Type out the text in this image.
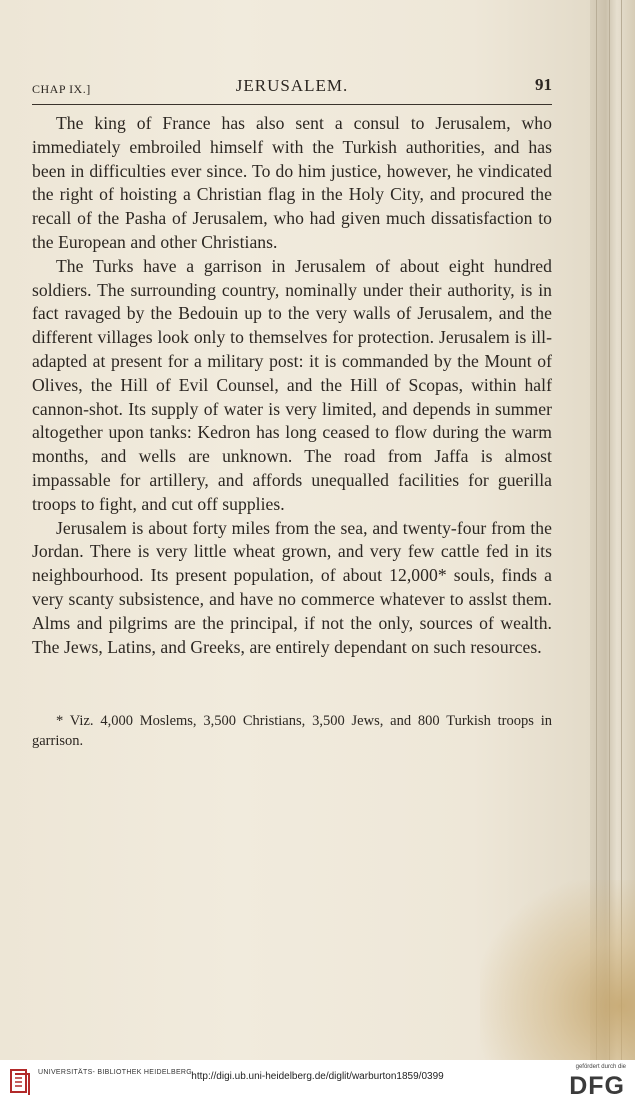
CHAP IX.]	JERUSALEM.	91

The king of France has also sent a consul to Jerusalem, who immediately embroiled himself with the Turkish authorities, and has been in difficulties ever since. To do him justice, however, he vindicated the right of hoisting a Christian flag in the Holy City, and procured the recall of the Pasha of Jerusalem, who had given much dissatisfaction to the European and other Christians.

The Turks have a garrison in Jerusalem of about eight hundred soldiers. The surrounding country, nominally under their authority, is in fact ravaged by the Bedouin up to the very walls of Jerusalem, and the different villages look only to themselves for protection. Jerusalem is ill-adapted at present for a military post: it is commanded by the Mount of Olives, the Hill of Evil Counsel, and the Hill of Scopas, within half cannon-shot. Its supply of water is very limited, and depends in summer altogether upon tanks: Kedron has long ceased to flow during the warm months, and wells are unknown. The road from Jaffa is almost impassable for artillery, and affords unequalled facilities for guerilla troops to fight, and cut off supplies.

Jerusalem is about forty miles from the sea, and twenty-four from the Jordan. There is very little wheat grown, and very few cattle fed in its neighbourhood. Its present population, of about 12,000* souls, finds a very scanty subsistence, and have no commerce whatever to asslst them. Alms and pilgrims are the principal, if not the only, sources of wealth. The Jews, Latins, and Greeks, are entirely dependant on such resources.

* Viz. 4,000 Moslems, 3,500 Christians, 3,500 Jews, and 800 Turkish troops in garrison.

UNIVERSITÄTS- BIBLIOTHEK HEIDELBERG http://digi.ub.uni-heidelberg.de/diglit/warburton1859/0399
gefördert durch die
DFG
